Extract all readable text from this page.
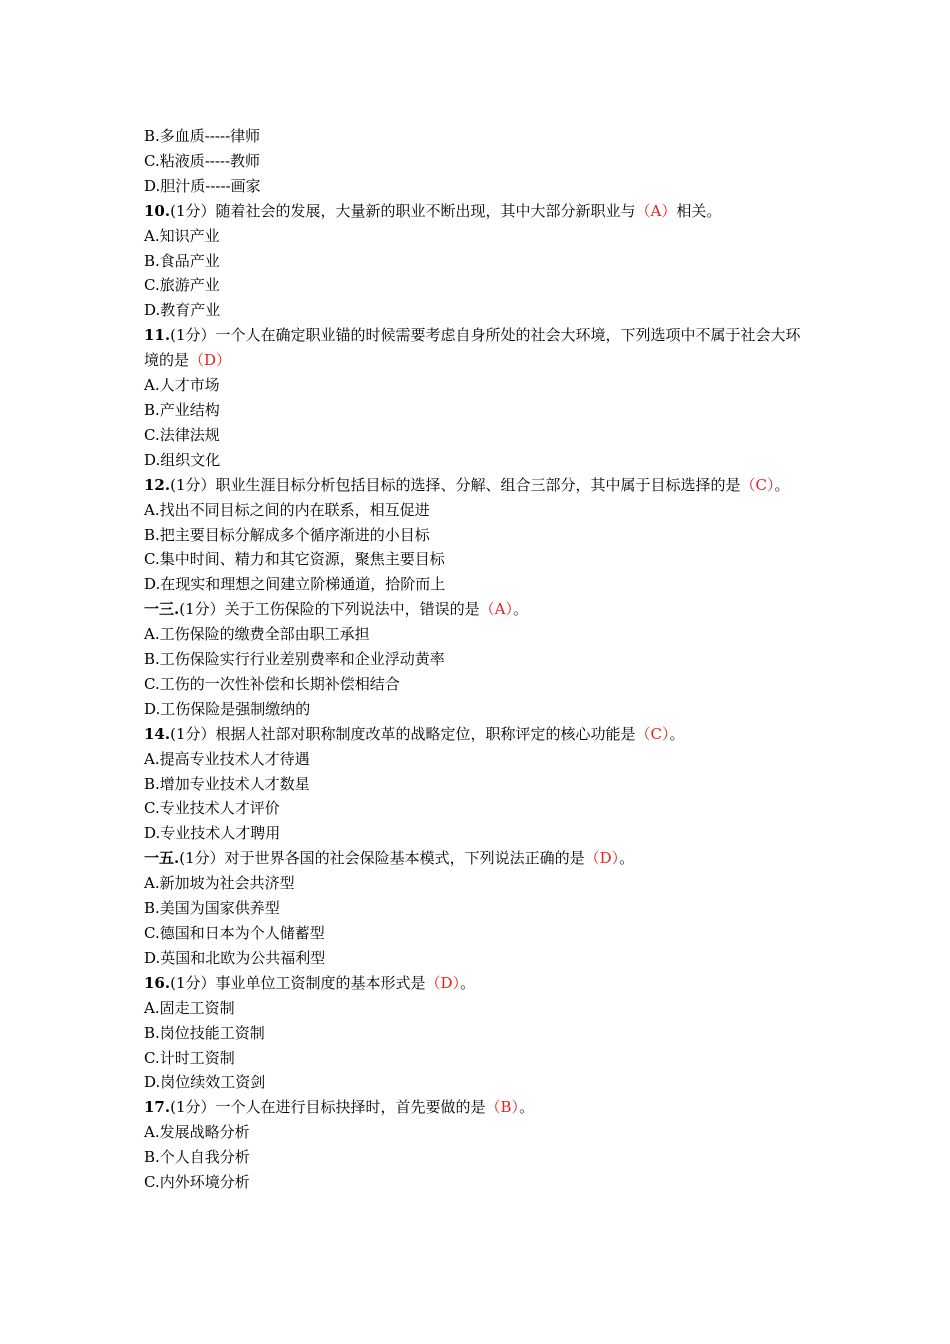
B.多血质-----律师
C.粘液质-----教师
D.胆汁质-----画家
10.(1分）随着社会的发展，大量新的职业不断出现，其中大部分新职业与（A）相关。
A.知识产业
B.食品产业
C.旅游产业
D.教育产业
11.(1分）一个人在确定职业锚的时候需要考虑自身所处的社会大环境，下列选项中不属于社会大环境的是（D）
A.人才市场
B.产业结构
C.法律法规
D.组织文化
12.(1分）职业生涯目标分析包括目标的选择、分解、组合三部分，其中属于目标选择的是（C）。
A.找出不同目标之间的内在联系，相互促进
B.把主要目标分解成多个循序渐进的小目标
C.集中时间、精力和其它资源，聚焦主要目标
D.在现实和理想之间建立阶梯通道，拾阶而上
一三.(1分）关于工伤保险的下列说法中，错误的是（A）。
A.工伤保险的缴费全部由职工承担
B.工伤保险实行行业差别费率和企业浮动黄率
C.工伤的一次性补偿和长期补偿相结合
D.工伤保险是强制缴纳的
14.(1分）根据人社部对职称制度改革的战略定位，职称评定的核心功能是（C）。
A.提高专业技术人才待遇
B.增加专业技术人才数星
C.专业技术人才评价
D.专业技术人才聘用
一五.(1分）对于世界各国的社会保险基本模式，下列说法正确的是（D）。
A.新加坡为社会共济型
B.美国为国家供养型
C.德国和日本为个人储蓄型
D.英国和北欧为公共福利型
16.(1分）事业单位工资制度的基本形式是（D）。
A.固走工资制
B.岗位技能工资制
C.计时工资制
D.岗位续效工资剑
17.(1分）一个人在进行目标抉择时，首先要做的是（B）。
A.发展战略分析
B.个人自我分析
C.内外环境分析
